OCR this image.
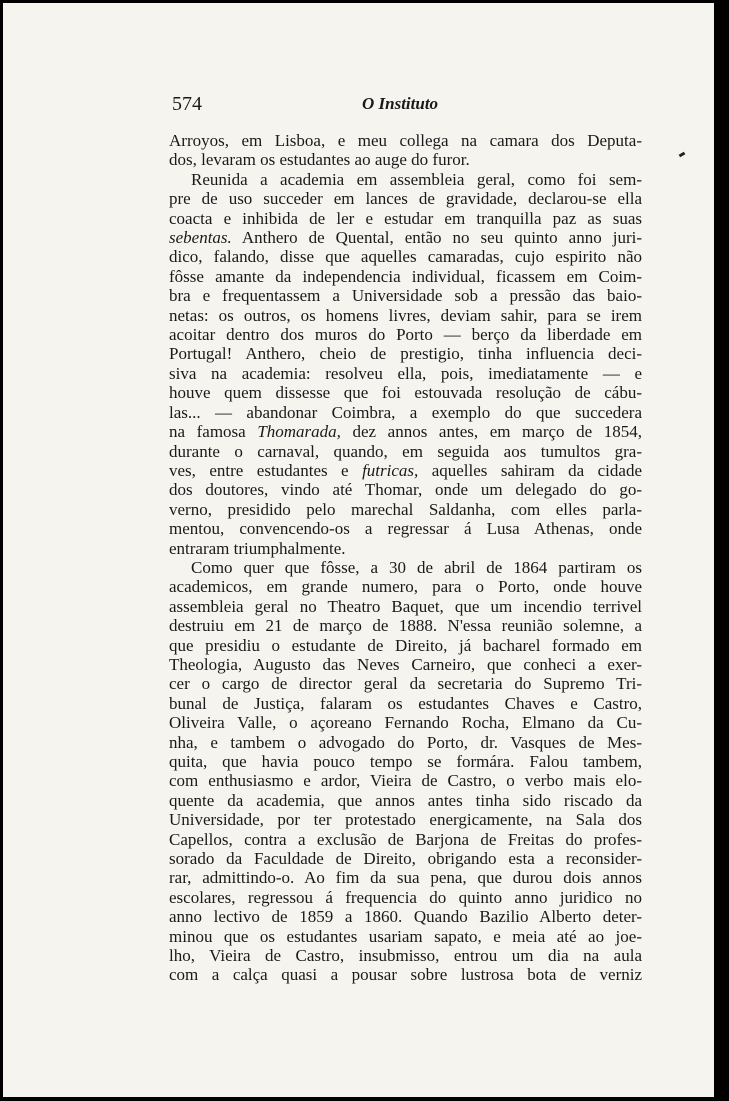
574	O Instituto
Arroyos, em Lisboa, e meu collega na camara dos Deputa-
dos, levaram os estudantes ao auge do furor.
Reunida a academia em assembleia geral, como foi sem-
pre de uso succeder em lances de gravidade, declarou-se ella
coacta e inhibida de ler e estudar em tranquilla paz as suas
sebentas. Anthero de Quental, então no seu quinto anno juri-
dico, falando, disse que aquelles camaradas, cujo espirito não
fôsse amante da independencia individual, ficassem em Coim-
bra e frequentassem a Universidade sob a pressão das baio-
netas: os outros, os homens livres, deviam sahir, para se irem
acoitar dentro dos muros do Porto — berço da liberdade em
Portugal! Anthero, cheio de prestigio, tinha influencia deci-
siva na academia: resolveu ella, pois, imediatamente — e
houve quem dissesse que foi estouvada resolução de cábu-
las... — abandonar Coimbra, a exemplo do que succedera
na famosa Thomarada, dez annos antes, em março de 1854,
durante o carnaval, quando, em seguida aos tumultos gra-
ves, entre estudantes e futricas, aquelles sahiram da cidade
dos doutores, vindo até Thomar, onde um delegado do go-
verno, presidido pelo marechal Saldanha, com elles parla-
mentou, convencendo-os a regressar á Lusa Athenas, onde
entraram triumphalmente.
Como quer que fôsse, a 30 de abril de 1864 partiram os
academicos, em grande numero, para o Porto, onde houve
assembleia geral no Theatro Baquet, que um incendio terrivel
destruiu em 21 de março de 1888. N'essa reunião solemne, a
que presidiu o estudante de Direito, já bacharel formado em
Theologia, Augusto das Neves Carneiro, que conheci a exer-
cer o cargo de director geral da secretaria do Supremo Tri-
bunal de Justiça, falaram os estudantes Chaves e Castro,
Oliveira Valle, o açoreano Fernando Rocha, Elmano da Cu-
nha, e tambem o advogado do Porto, dr. Vasques de Mes-
quita, que havia pouco tempo se formára. Falou tambem,
com enthusiasmo e ardor, Vieira de Castro, o verbo mais elo-
quente da academia, que annos antes tinha sido riscado da
Universidade, por ter protestado energicamente, na Sala dos
Capellos, contra a exclusão de Barjona de Freitas do profes-
sorado da Faculdade de Direito, obrigando esta a reconsider-
rar, admittindo-o. Ao fim da sua pena, que durou dois annos
escolares, regressou á frequencia do quinto anno juridico no
anno lectivo de 1859 a 1860. Quando Bazilio Alberto deter-
minou que os estudantes usariam sapato, e meia até ao joe-
lho, Vieira de Castro, insubmisso, entrou um dia na aula
com a calça quasi a pousar sobre lustrosa bota de verniz
